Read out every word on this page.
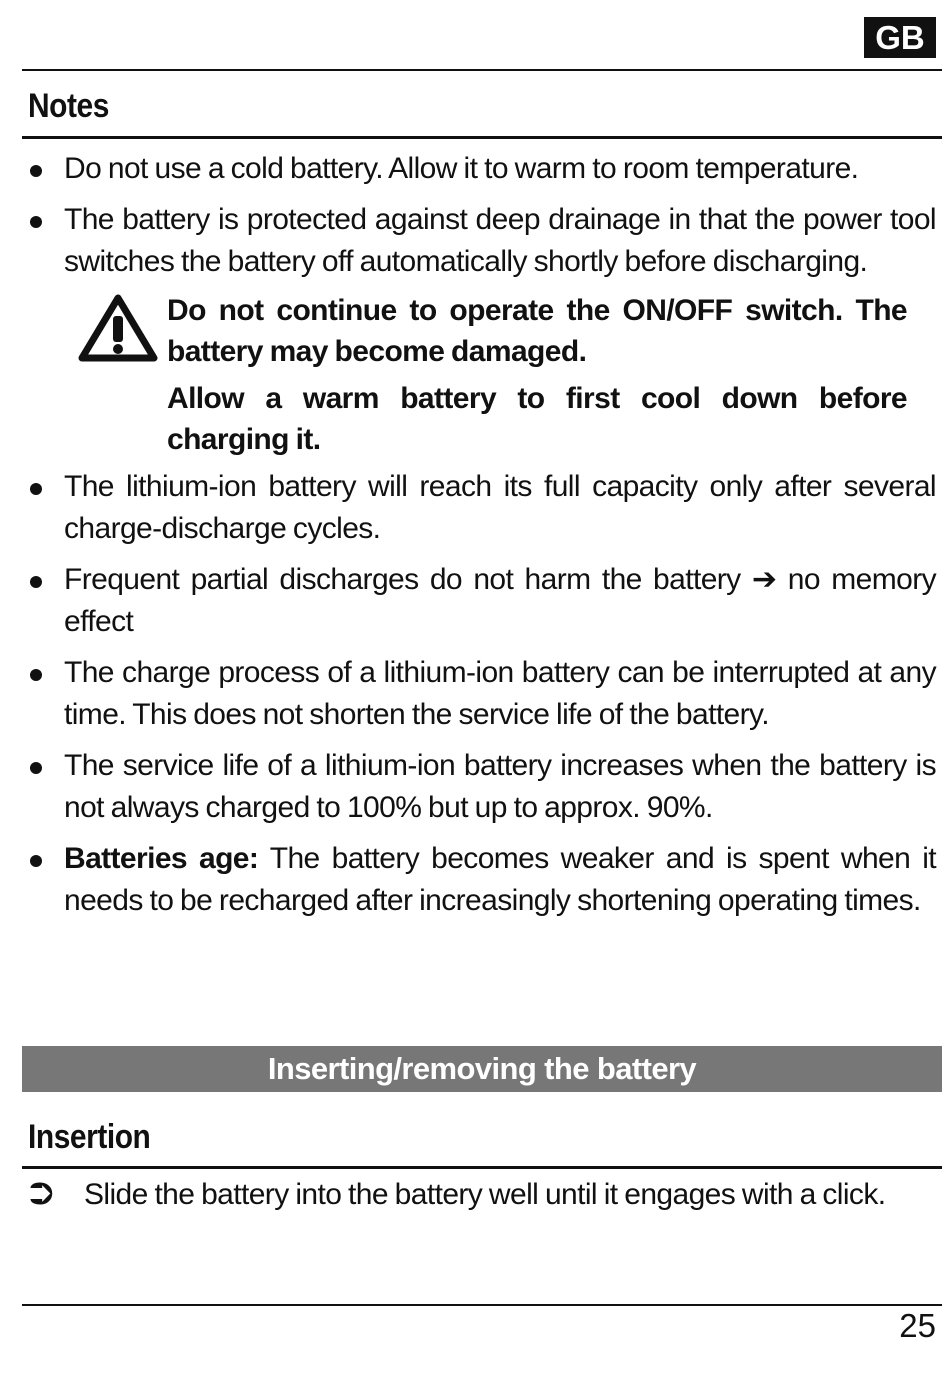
GB
Notes
Do not use a cold battery. Allow it to warm to room temperature.
The battery is protected against deep drainage in that the power tool switches the battery off automatically shortly before discharging.

Do not continue to operate the ON/OFF switch. The battery may become damaged.

Allow a warm battery to first cool down before charging it.

The lithium-ion battery will reach its full capacity only after several charge-discharge cycles.
Frequent partial discharges do not harm the battery ➔ no memory effect
The charge process of a lithium-ion battery can be interrupted at any time. This does not shorten the service life of the battery.
The service life of a lithium-ion battery increases when the battery is not always charged to 100% but up to approx. 90%.
Batteries age: The battery becomes weaker and is spent when it needs to be recharged after increasingly shortening operating times.
Inserting/removing the battery
Insertion
⮊ Slide the battery into the battery well until it engages with a click.
25
